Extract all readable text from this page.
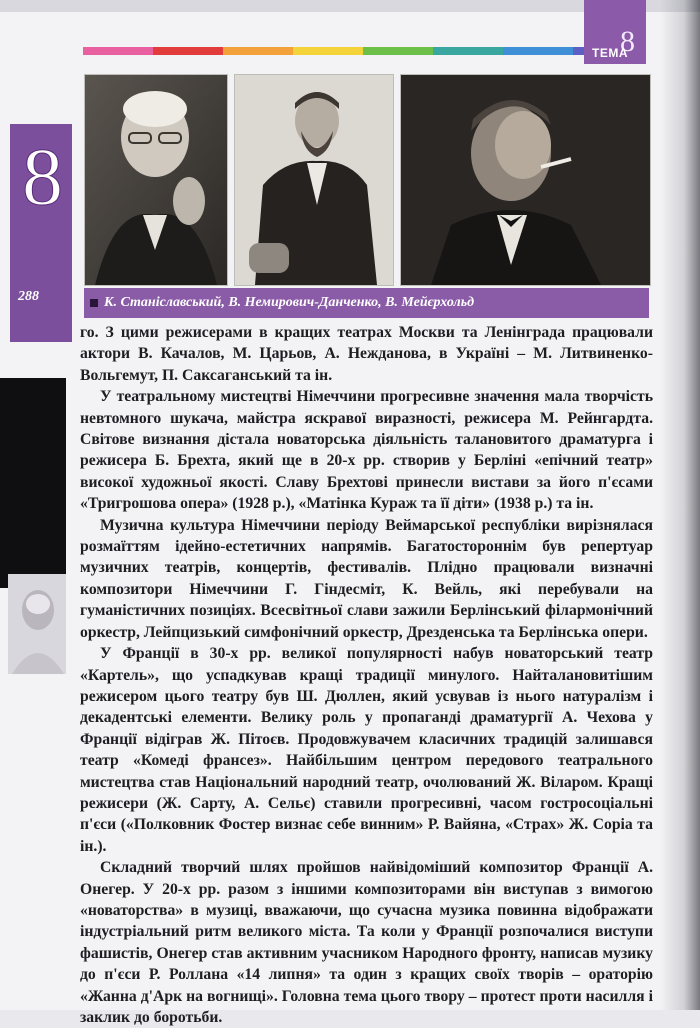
8
ТЕМА
8
288	К. Станіславський, В. Немирович-Данченко, В. Мейєрхольд

го. З цими режисерами в кращих театрах Москви та Ленінграда працювали актори В. Качалов, М. Царьов, А. Нежданова, в Україні – М. Литвиненко-Вольгемут, П. Саксаганський та ін.

У театральному мистецтві Німеччини прогресивне значення мала творчість невтомного шукача, майстра яскравої виразності, режисера М. Рейнгардта. Світове визнання дістала новаторська діяльність талановитого драматурга і режисера Б. Брехта, який ще в 20-х рр. створив у Берліні «епічний театр» високої художньої якості. Славу Брехтові принесли вистави за його п'єсами «Тригрошова опера» (1928 р.), «Матінка Кураж та її діти» (1938 р.) та ін.

Музична культура Німеччини періоду Веймарської республіки вирізнялася розмаїттям ідейно-естетичних напрямів. Багатостороннім був репертуар музичних театрів, концертів, фестивалів. Плідно працювали визначні композитори Німеччини Г. Гіндесміт, К. Вейль, які перебували на гуманістичних позиціях. Всесвітньої слави зажили Берлінський філармонічний оркестр, Лейпцизький симфонічний оркестр, Дрезденська та Берлінська опери.

У Франції в 30-х рр. великої популярності набув новаторський театр «Картель», що успадкував кращі традиції минулого. Найталановитішим режисером цього театру був Ш. Дюллен, який усвував із нього натуралізм і декадентські елементи. Велику роль у пропаганді драматургії А. Чехова у Франції відіграв Ж. Пітоєв. Продовжувачем класичних традицій залишався театр «Комеді франсез». Найбільшим центром передового театрального мистецтва став Національний народний театр, очолюваний Ж. Віларом. Кращі режисери (Ж. Сарту, А. Сельє) ставили прогресивні, часом гостросоціальні п'єси («Полковник Фостер визнає себе винним» Р. Вайяна, «Страх» Ж. Соріа та ін.).

Складний творчий шлях пройшов найвідоміший композитор Франції А. Онегер. У 20-х рр. разом з іншими композиторами він виступав з вимогою «новаторства» в музиці, вважаючи, що сучасна музика повинна відображати індустріальний ритм великого міста. Та коли у Франції розпочалися виступи фашистів, Онегер став активним учасником Народного фронту, написав музику до п'єси Р. Роллана «14 липня» та один з кращих своїх творів – ораторію «Жанна д'Арк на вогнищі». Головна тема цього твору – протест проти насилля і заклик до боротьби.
